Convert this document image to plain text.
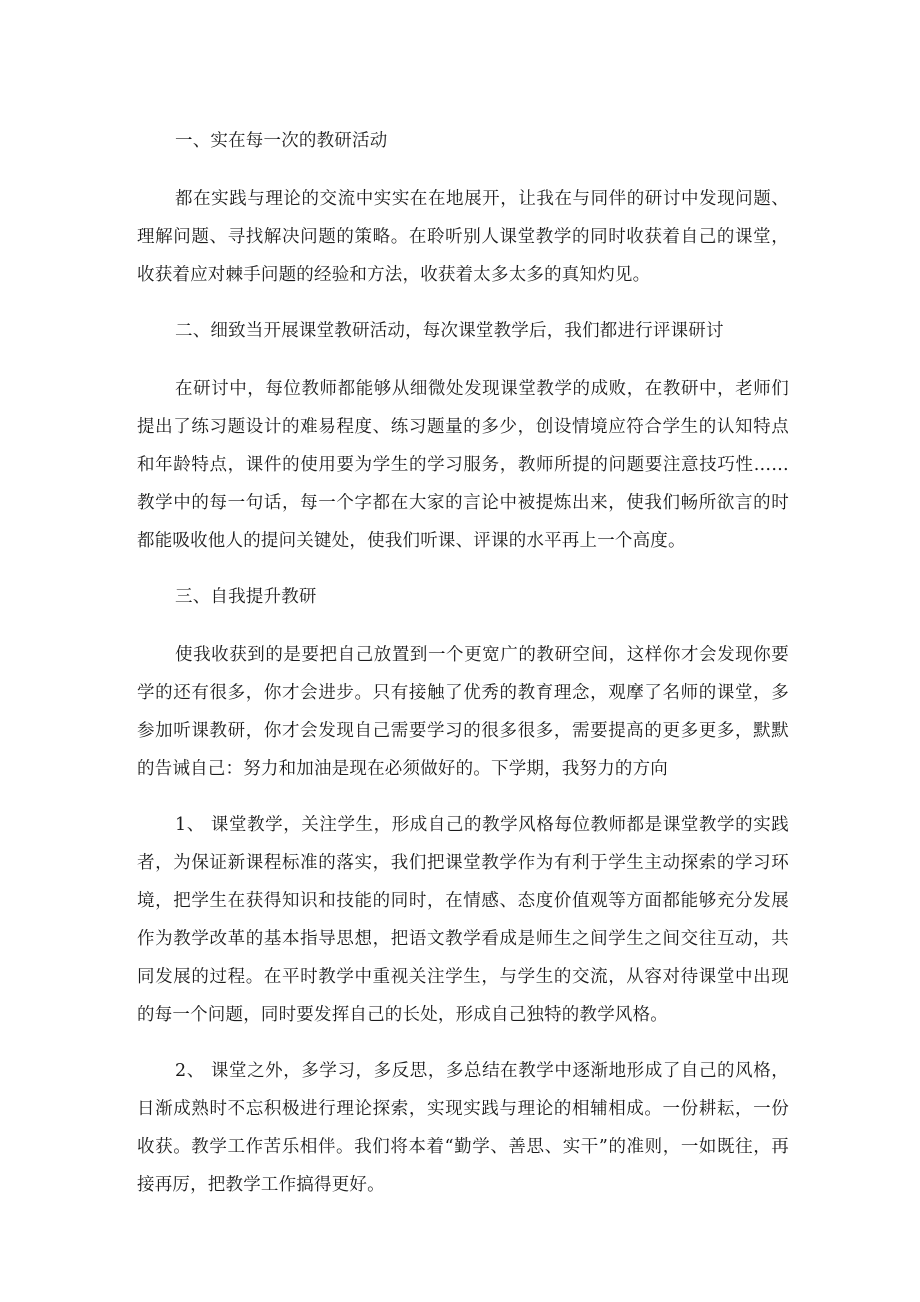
一、实在每一次的教研活动

都在实践与理论的交流中实实在在地展开，让我在与同伴的研讨中发现问题、理解问题、寻找解决问题的策略。在聆听别人课堂教学的同时收获着自己的课堂，收获着应对棘手问题的经验和方法，收获着太多太多的真知灼见。

二、细致当开展课堂教研活动，每次课堂教学后，我们都进行评课研讨

在研讨中，每位教师都能够从细微处发现课堂教学的成败，在教研中，老师们提出了练习题设计的难易程度、练习题量的多少，创设情境应符合学生的认知特点和年龄特点，课件的使用要为学生的学习服务，教师所提的问题要注意技巧性……教学中的每一句话，每一个字都在大家的言论中被提炼出来，使我们畅所欲言的时都能吸收他人的提问关键处，使我们听课、评课的水平再上一个高度。

三、自我提升教研

使我收获到的是要把自己放置到一个更宽广的教研空间，这样你才会发现你要学的还有很多，你才会进步。只有接触了优秀的教育理念，观摩了名师的课堂，多参加听课教研，你才会发现自己需要学习的很多很多，需要提高的更多更多，默默的告诫自己：努力和加油是现在必须做好的。下学期，我努力的方向

1、 课堂教学，关注学生，形成自己的教学风格每位教师都是课堂教学的实践者，为保证新课程标准的落实，我们把课堂教学作为有利于学生主动探索的学习环境，把学生在获得知识和技能的同时，在情感、态度价值观等方面都能够充分发展作为教学改革的基本指导思想，把语文教学看成是师生之间学生之间交往互动，共同发展的过程。在平时教学中重视关注学生，与学生的交流，从容对待课堂中出现的每一个问题，同时要发挥自己的长处，形成自己独特的教学风格。

2、 课堂之外，多学习，多反思，多总结在教学中逐渐地形成了自己的风格，日渐成熟时不忘积极进行理论探索，实现实践与理论的相辅相成。一份耕耘，一份收获。教学工作苦乐相伴。我们将本着“勤学、善思、实干”的准则，一如既往，再接再厉，把教学工作搞得更好。
